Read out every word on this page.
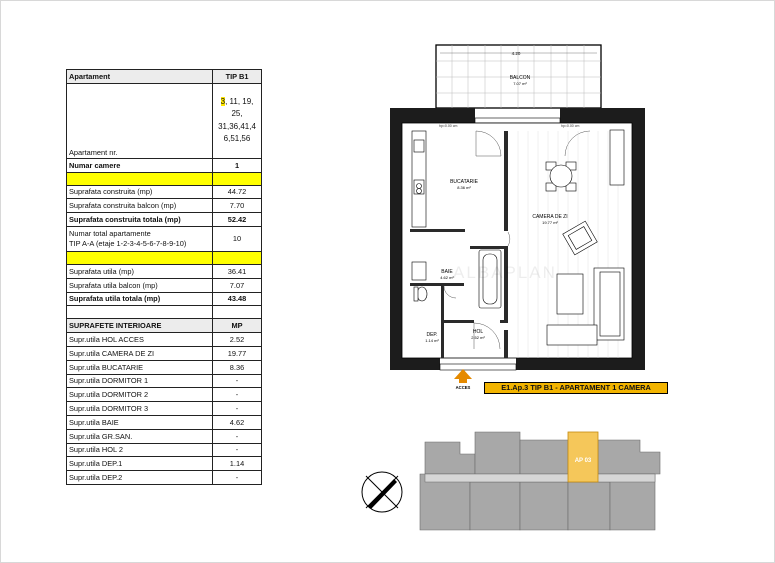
Apartament	TIP B1
Apartament nr.	3, 11, 19,
25,
31,36,41,4
6,51,56
Numar camere	1

Suprafata construita (mp)	44.72
Suprafata construita balcon (mp)	7.70
Suprafata construita totala (mp)	52.42
Numar total apartamente
TIP A-A (etaje 1-2-3-4-5-6-7-8-9-10)	10

Suprafata utila (mp)	36.41
Suprafata utila balcon (mp)	7.07
Suprafata utila totala (mp)	43.48

SUPRAFETE INTERIOARE	MP
Supr.utila HOL ACCES	2.52
Supr.utila CAMERA DE ZI	19.77
Supr.utila BUCATARIE	8.36
Supr.utila DORMITOR 1	-
Supr.utila DORMITOR 2	-
Supr.utila DORMITOR 3	-
Supr.utila BAIE	4.62
Supr.utila GR.SAN.	-
Supr.utila HOL 2	-
Supr.utila DEP.1	1.14
Supr.utila DEP.2	-
4.20
BALCON
7.07 m²
hp=0.00 cm	hp=0.00 cm
BUCATARIE
8.36 m²
CAMERA DE ZI
19.77 m²
BAIE
4.62 m²
DEP.
1.14 m²
HOL
2.52 m²
ALBAPLAN
ACCES	E1.Ap.3 TIP B1 - APARTAMENT 1 CAMERA
AP 03
